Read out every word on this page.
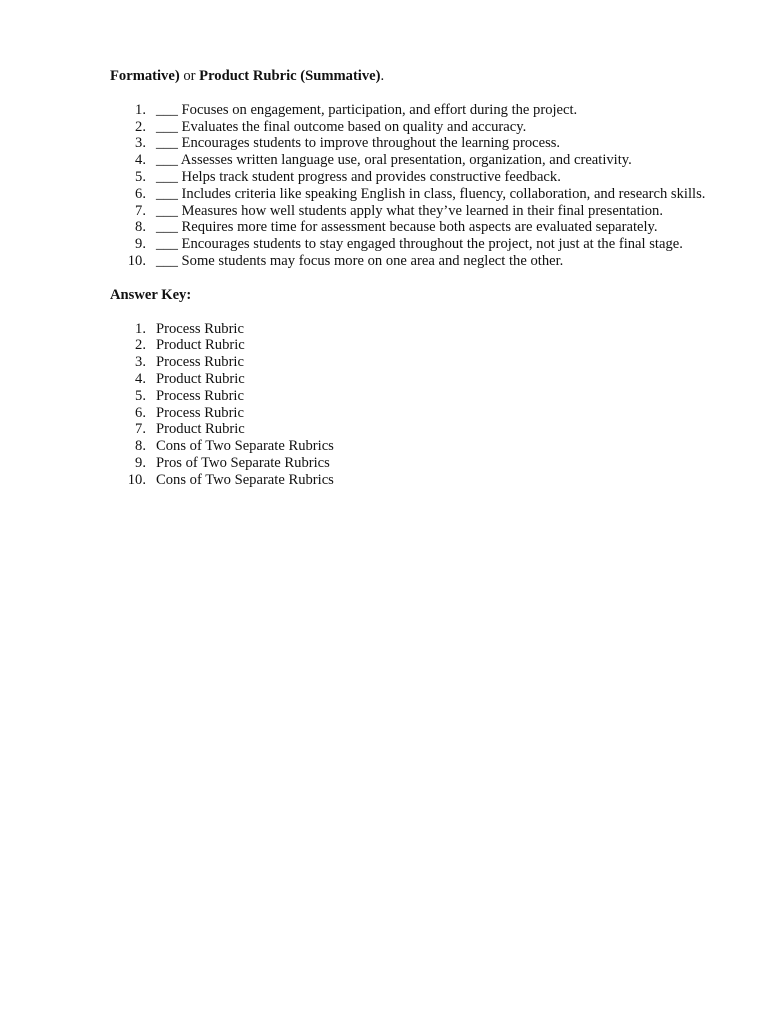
Formative) or Product Rubric (Summative).

1. ___ Focuses on engagement, participation, and effort during the project.
2. ___ Evaluates the final outcome based on quality and accuracy.
3. ___ Encourages students to improve throughout the learning process.
4. ___ Assesses written language use, oral presentation, organization, and creativity.
5. ___ Helps track student progress and provides constructive feedback.
6. ___ Includes criteria like speaking English in class, fluency, collaboration, and research skills.
7. ___ Measures how well students apply what they’ve learned in their final presentation.
8. ___ Requires more time for assessment because both aspects are evaluated separately.
9. ___ Encourages students to stay engaged throughout the project, not just at the final stage.
10. ___ Some students may focus more on one area and neglect the other.

Answer Key:

1. Process Rubric
2. Product Rubric
3. Process Rubric
4. Product Rubric
5. Process Rubric
6. Process Rubric
7. Product Rubric
8. Cons of Two Separate Rubrics
9. Pros of Two Separate Rubrics
10. Cons of Two Separate Rubrics
